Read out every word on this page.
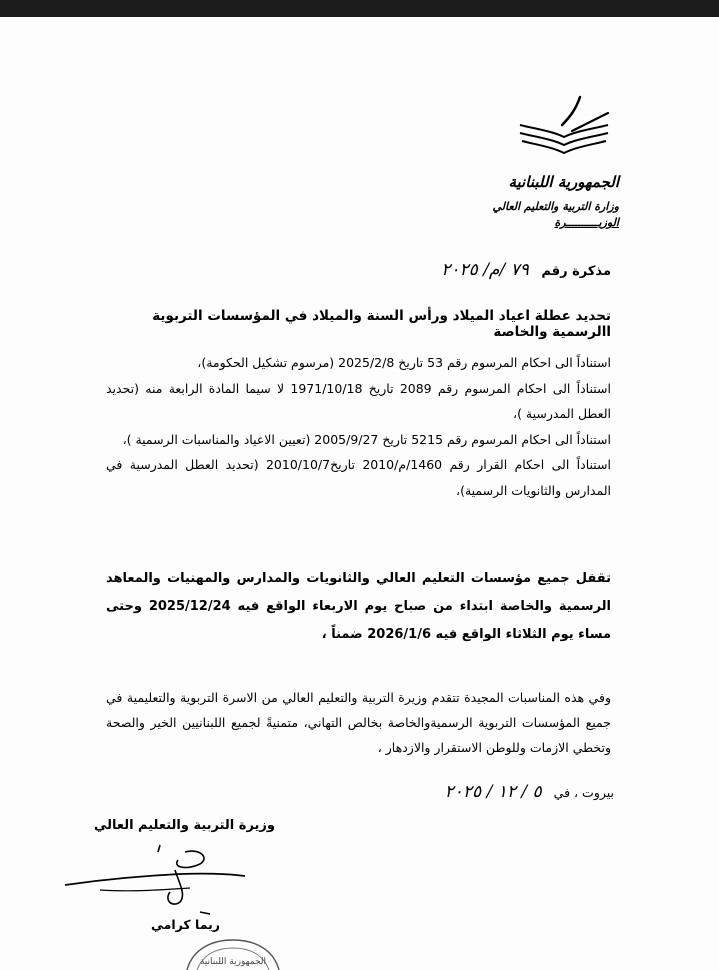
الجمهورية اللبنانية
وزارة التربية والتعليم العالي
الوزيــــــــــرة
مذكرة رقم ٧٩ /م/ ٢٠٢٥
تحديد عطلة اعياد الميلاد ورأس السنة والميلاد في المؤسسات التربوية االرسمية والخاصة

استناداً الى احكام المرسوم رقم 53 تاريخ 2025/2/8 (مرسوم تشكيل الحكومة)،

استناداً الى احكام المرسوم رقم 2089 تاريخ 1971/10/18 لا سيما المادة الرابعة منه (تحديد العطل المدرسية )،

استناداً الى احكام المرسوم رقم 5215 تاريخ 2005/9/27 (تعيين الاعياد والمناسبات الرسمية )،

استناداً الى احكام القرار رقم 1460/م/2010 تاريخ2010/10/7 (تحديد العطل المدرسية في المدارس والثانويات الرسمية)،

تقفل جميع مؤسسات التعليم العالي والثانويات والمدارس والمهنيات والمعاهد الرسمية والخاصة ابتداء من صباح يوم الاربعاء الواقع فيه 2025/12/24 وحتى مساء يوم الثلاثاء الواقع فيه 2026/1/6 ضمناً ،

وفي هذه المناسبات المجيدة تتقدم وزيرة التربية والتعليم العالي من الاسرة التربوية والتعليمية في جميع المؤسسات التربوية الرسميةوالخاصة بخالص التهاني، متمنيةً لجميع اللبنانيين الخير والصحة وتخطي الازمات وللوطن الاستقرار والازدهار ،

بيروت ، في ٥ / ١٢ / ٢٠٢٥
وزيرة التربية والتعليم العالي
ريما كرامي
الجمهورية اللبنانية
